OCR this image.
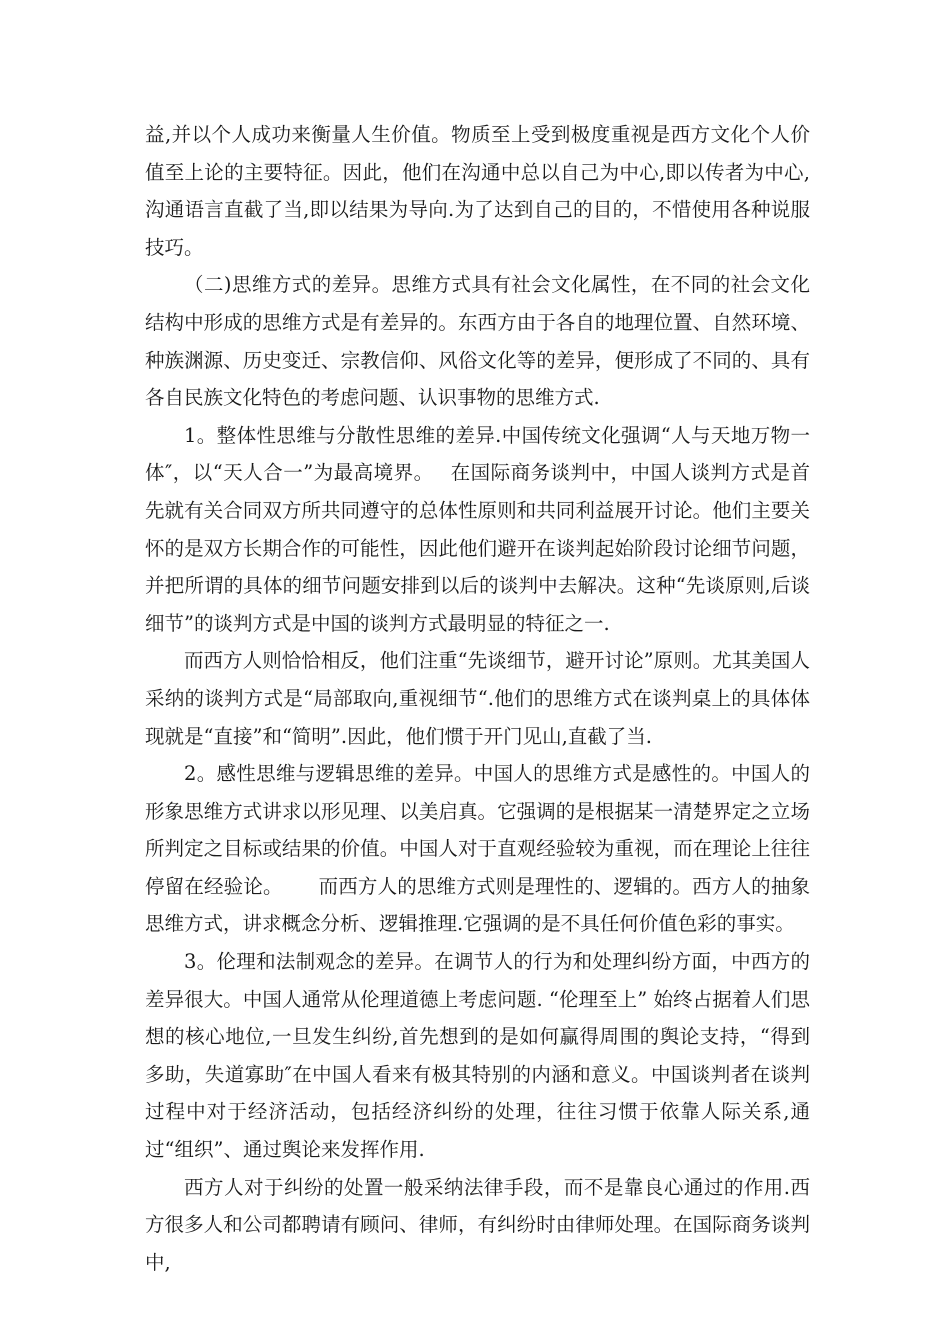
益,并以个人成功来衡量人生价值。物质至上受到极度重视是西方文化个人价值至上论的主要特征。因此，他们在沟通中总以自己为中心,即以传者为中心,沟通语言直截了当,即以结果为导向.为了达到自己的目的，不惜使用各种说服技巧。

（二)思维方式的差异。思维方式具有社会文化属性，在不同的社会文化结构中形成的思维方式是有差异的。东西方由于各自的地理位置、自然环境、种族渊源、历史变迁、宗教信仰、风俗文化等的差异，便形成了不同的、具有各自民族文化特色的考虑问题、认识事物的思维方式.

1。整体性思维与分散性思维的差异.中国传统文化强调“人与天地万物一体″，以“天人合一”为最高境界。　 在国际商务谈判中，中国人谈判方式是首先就有关合同双方所共同遵守的总体性原则和共同利益展开讨论。他们主要关怀的是双方长期合作的可能性，因此他们避开在谈判起始阶段讨论细节问题，并把所谓的具体的细节问题安排到以后的谈判中去解决。这种“先谈原则,后谈细节”的谈判方式是中国的谈判方式最明显的特征之一.

而西方人则恰恰相反，他们注重“先谈细节，避开讨论”原则。尤其美国人采纳的谈判方式是“局部取向,重视细节“.他们的思维方式在谈判桌上的具体体现就是“直接”和“简明”.因此，他们惯于开门见山,直截了当.

2。感性思维与逻辑思维的差异。中国人的思维方式是感性的。中国人的形象思维方式讲求以形见理、以美启真。它强调的是根据某一清楚界定之立场所判定之目标或结果的价值。中国人对于直观经验较为重视，而在理论上往往停留在经验论。　　 而西方人的思维方式则是理性的、逻辑的。西方人的抽象思维方式，讲求概念分析、逻辑推理.它强调的是不具任何价值色彩的事实。

3。伦理和法制观念的差异。在调节人的行为和处理纠纷方面，中西方的差异很大。中国人通常从伦理道德上考虑问题. “伦理至上” 始终占据着人们思想的核心地位,一旦发生纠纷,首先想到的是如何赢得周围的舆论支持，“得到多助，失道寡助″在中国人看来有极其特别的内涵和意义。中国谈判者在谈判过程中对于经济活动，包括经济纠纷的处理，往往习惯于依靠人际关系,通过“组织”、通过舆论来发挥作用.

西方人对于纠纷的处置一般采纳法律手段，而不是靠良心通过的作用.西方很多人和公司都聘请有顾问、律师，有纠纷时由律师处理。在国际商务谈判中,
